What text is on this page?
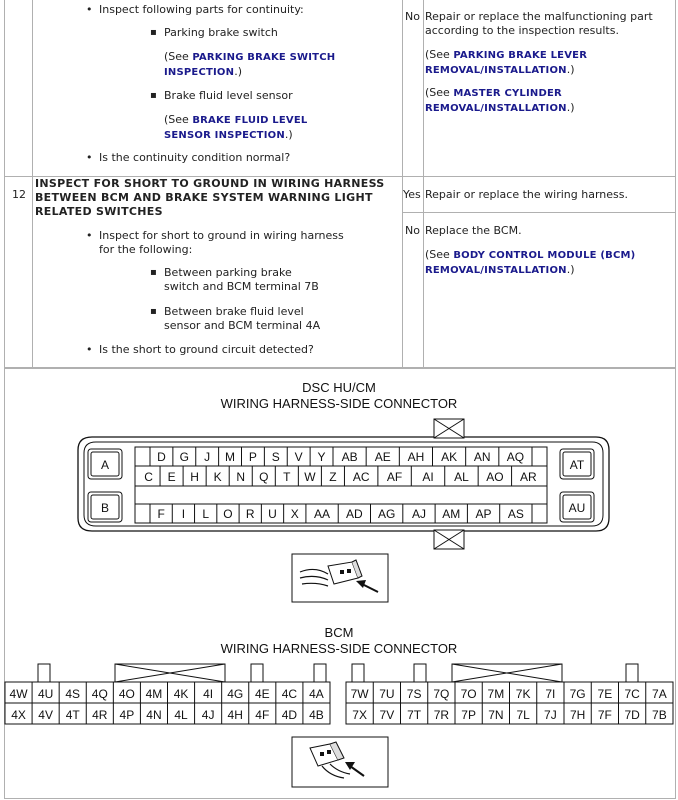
• Inspect following parts for continuity:
▪ Parking brake switch
(See PARKING BRAKE SWITCH
INSPECTION.)
▪ Brake fluid level sensor
(See BRAKE FLUID LEVEL
SENSOR INSPECTION.)
• Is the continuity condition normal?
No Repair or replace the malfunctioning part
according to the inspection results.
(See PARKING BRAKE LEVER
REMOVAL/INSTALLATION.)
(See MASTER CYLINDER
REMOVAL/INSTALLATION.)
12
INSPECT FOR SHORT TO GROUND IN WIRING HARNESS
BETWEEN BCM AND BRAKE SYSTEM WARNING LIGHT
RELATED SWITCHES
• Inspect for short to ground in wiring harness
for the following:
▪ Between parking brake
switch and BCM terminal 7B
▪ Between brake fluid level
sensor and BCM terminal 4A
• Is the short to ground circuit detected?
Yes Repair or replace the wiring harness.
No Replace the BCM.
(See BODY CONTROL MODULE (BCM)
REMOVAL/INSTALLATION.)
DSC HU/CM
WIRING HARNESS-SIDE CONNECTOR
D G J M P S V Y AB AE AH AK AN AQ
C E H K N Q T W Z AC AF AI AL AO AR
F I L O R U X AA AD AG AJ AM AP AS
A
B
AT
AU
4W
4X
4U
4V
4S
4T
4Q
4R
4O
4P
4M
4N
4K
4L
4I
4J
4G
4H
4E
4F
4C
4D
4A
4B
7W
7X
7U
7V
7S
7T
7Q
7R
7O
7P
7M
7N
7K
7L
7I
7J
7G
7H
7E
7F
7C
7D
7A
7B
BCM
WIRING HARNESS-SIDE CONNECTOR
